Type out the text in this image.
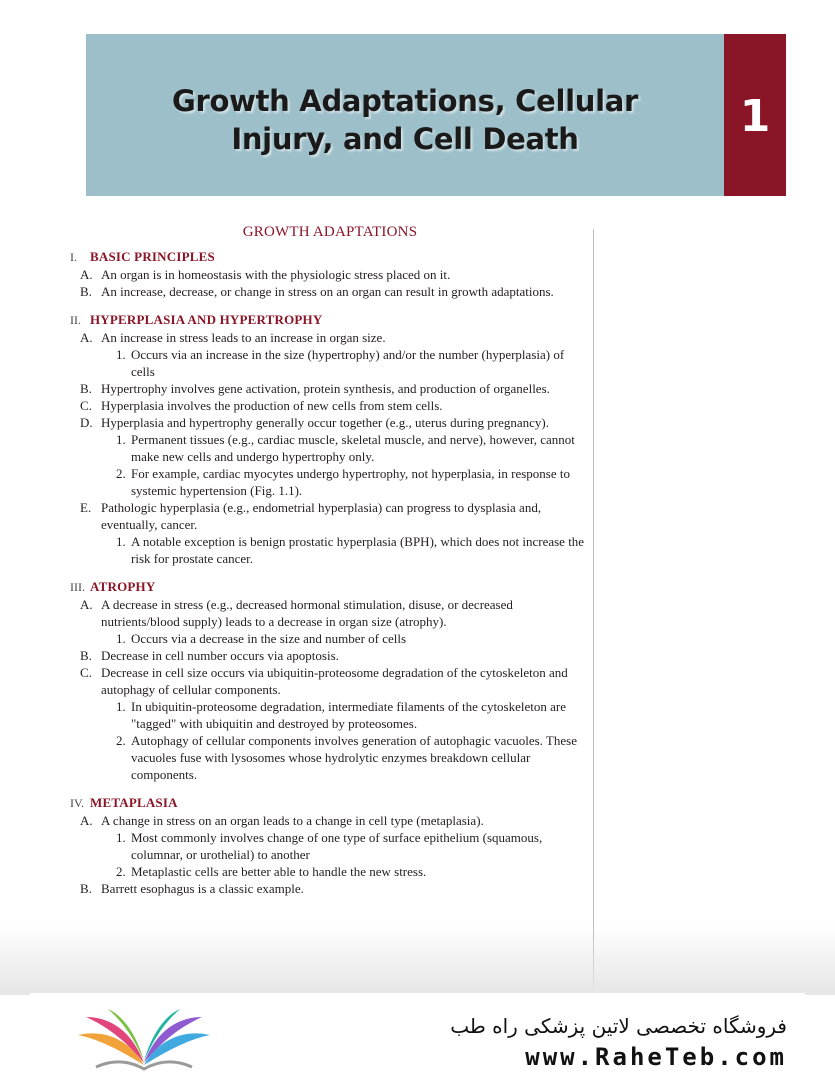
Growth Adaptations, Cellular
Injury, and Cell Death	1
GROWTH ADAPTATIONS
I.	BASIC PRINCIPLES
A. An organ is in homeostasis with the physiologic stress placed on it.
B. An increase, decrease, or change in stress on an organ can result in growth adaptations.
II. HYPERPLASIA AND HYPERTROPHY
A. An increase in stress leads to an increase in organ size.
1. Occurs via an increase in the size (hypertrophy) and/or the number (hyperplasia) of cells
B. Hypertrophy involves gene activation, protein synthesis, and production of organelles.
C. Hyperplasia involves the production of new cells from stem cells.
D. Hyperplasia and hypertrophy generally occur together (e.g., uterus during pregnancy).
1. Permanent tissues (e.g., cardiac muscle, skeletal muscle, and nerve), however, cannot make new cells and undergo hypertrophy only.
2. For example, cardiac myocytes undergo hypertrophy, not hyperplasia, in response to systemic hypertension (Fig. 1.1).
E. Pathologic hyperplasia (e.g., endometrial hyperplasia) can progress to dysplasia and, eventually, cancer.
1. A notable exception is benign prostatic hyperplasia (BPH), which does not increase the risk for prostate cancer.
III. ATROPHY
A. A decrease in stress (e.g., decreased hormonal stimulation, disuse, or decreased nutrients/blood supply) leads to a decrease in organ size (atrophy).
1. Occurs via a decrease in the size and number of cells
B. Decrease in cell number occurs via apoptosis.
C. Decrease in cell size occurs via ubiquitin-proteosome degradation of the cytoskeleton and autophagy of cellular components.
1. In ubiquitin-proteosome degradation, intermediate filaments of the cytoskeleton are "tagged" with ubiquitin and destroyed by proteosomes.
2. Autophagy of cellular components involves generation of autophagic vacuoles. These vacuoles fuse with lysosomes whose hydrolytic enzymes breakdown cellular components.
IV. METAPLASIA
A. A change in stress on an organ leads to a change in cell type (metaplasia).
1. Most commonly involves change of one type of surface epithelium (squamous, columnar, or urothelial) to another
2. Metaplastic cells are better able to handle the new stress.
B. Barrett esophagus is a classic example.
فروشگاه تخصصی لاتین پزشکی راه طب
www.RaheTeb.com
